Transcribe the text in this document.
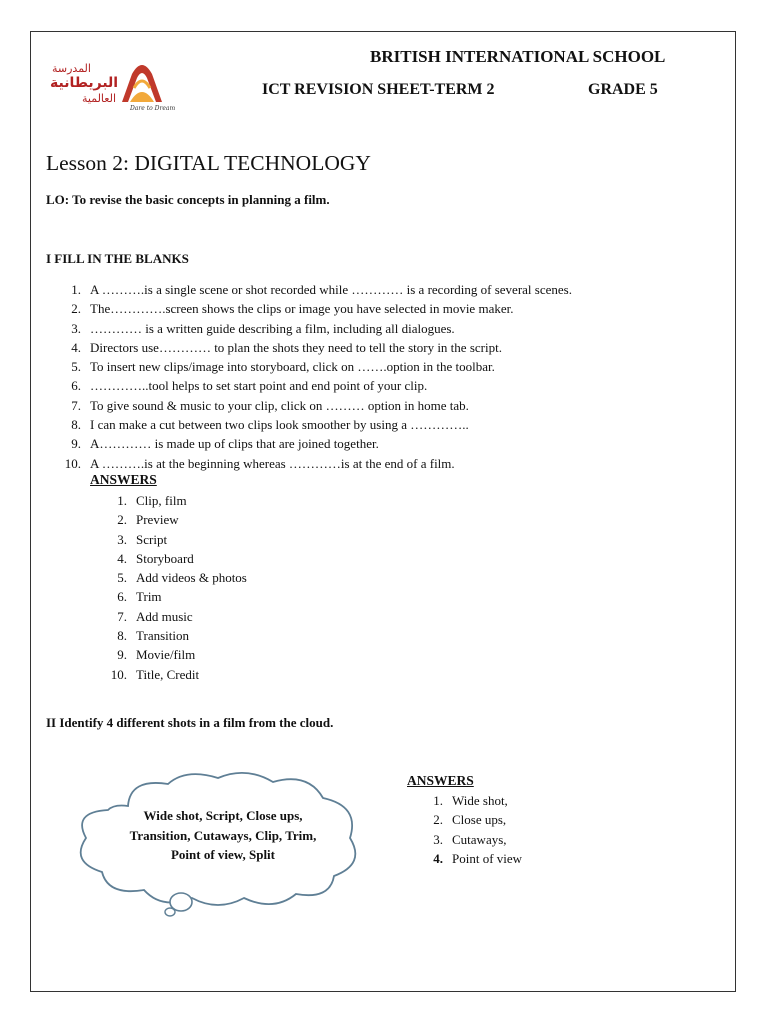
المدرسة
البريطانية
العالمية
Dare to Dream
BRITISH INTERNATIONAL SCHOOL
ICT REVISION SHEET-TERM 2	GRADE 5
Lesson 2: DIGITAL TECHNOLOGY
LO: To revise the basic concepts in planning a film.
I FILL IN THE BLANKS
1. A ……….is a single scene or shot recorded while ………… is a recording of several scenes.
2. The………….screen shows the clips or image you have selected in movie maker.
3. ………… is a written guide describing a film, including all dialogues.
4. Directors use………… to plan the shots they need to tell the story in the script.
5. To insert new clips/image into storyboard, click on …….option in the toolbar.
6. …………..tool helps to set start point and end point of your clip.
7. To give sound & music to your clip, click on ……… option in home tab.
8. I can make a cut between two clips look smoother by using a …………..
9. A………… is made up of clips that are joined together.
10. A ……….is at the beginning whereas …………is at the end of a film.
ANSWERS
1. Clip, film
2. Preview
3. Script
4. Storyboard
5. Add videos & photos
6. Trim
7. Add music
8. Transition
9. Movie/film
10. Title, Credit
II Identify 4 different shots in a film from the cloud.
Wide shot, Script, Close ups, Transition, Cutaways, Clip, Trim, Point of view, Split
ANSWERS
1. Wide shot,
2. Close ups,
3. Cutaways,
4. Point of view
